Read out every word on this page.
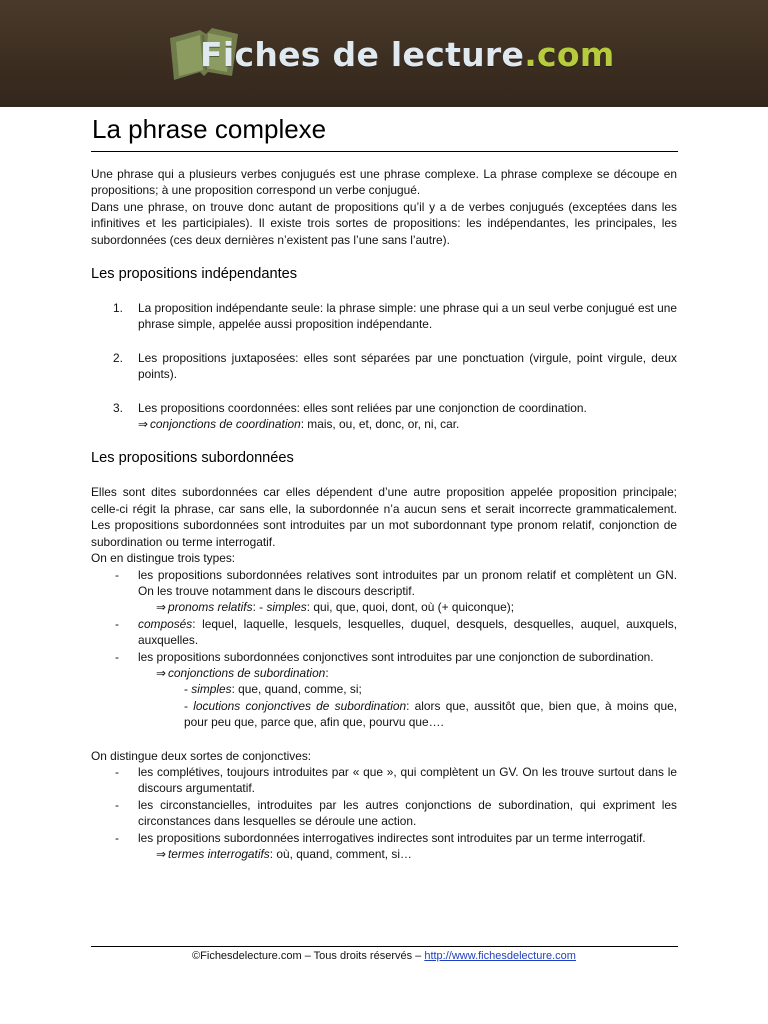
Fiches de lecture.com
La phrase complexe

Une phrase qui a plusieurs verbes conjugués est une phrase complexe. La phrase complexe se découpe en propositions; à une proposition correspond un verbe conjugué.

Dans une phrase, on trouve donc autant de propositions qu’il y a de verbes conjugués (exceptées dans les infinitives et les participiales). Il existe trois sortes de propositions: les indépendantes, les principales, les subordonnées (ces deux dernières n’existent pas l’une sans l’autre).

Les propositions indépendantes
1.	La proposition indépendante seule: la phrase simple: une phrase qui a un seul verbe conjugué est une phrase simple, appelée aussi proposition indépendante.
2.	Les propositions juxtaposées: elles sont séparées par une ponctuation (virgule, point virgule, deux points).
3.	Les propositions coordonnées: elles sont reliées par une conjonction de coordination.
⇒ conjonctions de coordination: mais, ou, et, donc, or, ni, car.
Les propositions subordonnées

Elles sont dites subordonnées car elles dépendent d’une autre proposition appelée proposition principale; celle-ci régit la phrase, car sans elle, la subordonnée n’a aucun sens et serait incorrecte grammaticalement. Les propositions subordonnées sont introduites par un mot subordonnant type pronom relatif, conjonction de subordination ou terme interrogatif.

On en distingue trois types:

-	les propositions subordonnées relatives sont introduites par un pronom relatif et complètent un GN. On les trouve notamment dans le discours descriptif.
⇒ pronoms relatifs: - simples: qui, que, quoi, dont, où (+ quiconque);
-	composés: lequel, laquelle, lesquels, lesquelles, duquel, desquels, desquelles, auquel, auxquels, auxquelles.
-	les propositions subordonnées conjonctives sont introduites par une conjonction de subordination.
⇒ conjonctions de subordination:
- simples: que, quand, comme, si;
- locutions conjonctives de subordination: alors que, aussitôt que, bien que, à moins que, pour peu que, parce que, afin que, pourvu que….

On distingue deux sortes de conjonctives:

-	les complétives, toujours introduites par « que », qui complètent un GV. On les trouve surtout dans le discours argumentatif.
-	les circonstancielles, introduites par les autres conjonctions de subordination, qui expriment les circonstances dans lesquelles se déroule une action.
-	les propositions subordonnées interrogatives indirectes sont introduites par un terme interrogatif.
⇒ termes interrogatifs: où, quand, comment, si…
©Fichesdelecture.com – Tous droits réservés – http://www.fichesdelecture.com
